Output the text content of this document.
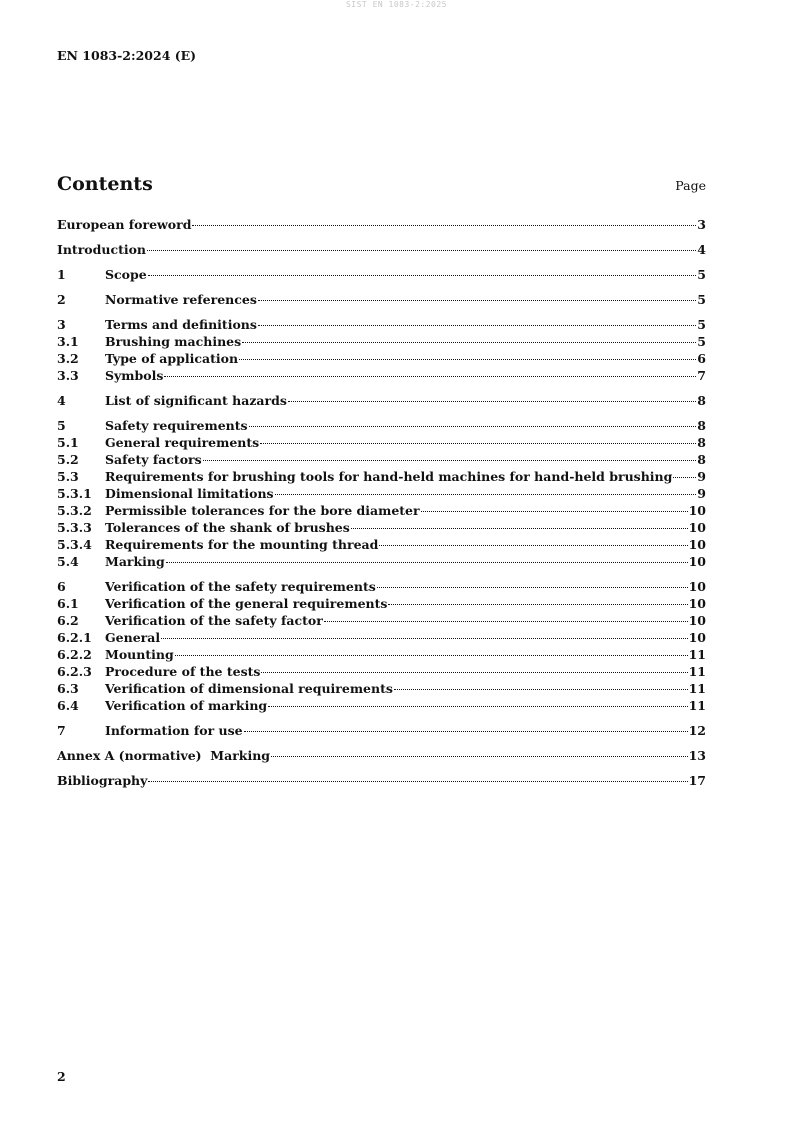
SIST EN 1083-2:2025
EN 1083-2:2024 (E)
Contents	Page
European foreword	3
Introduction	4
1	Scope	5
2	Normative references	5
3	Terms and definitions	5
3.1	Brushing machines	5
3.2	Type of application	6
3.3	Symbols	7
4	List of significant hazards	8
5	Safety requirements	8
5.1	General requirements	8
5.2	Safety factors	8
5.3	Requirements for brushing tools for hand-held machines for hand-held brushing 9
5.3.1	Dimensional limitations	9
5.3.2	Permissible tolerances for the bore diameter	10
5.3.3	Tolerances of the shank of brushes	10
5.3.4	Requirements for the mounting thread	10
5.4	Marking	10
6	Verification of the safety requirements	10
6.1	Verification of the general requirements	10
6.2	Verification of the safety factor	10
6.2.1	General	10
6.2.2	Mounting	11
6.2.3	Procedure of the tests	11
6.3	Verification of dimensional requirements	11
6.4	Verification of marking	11
7	Information for use	12
Annex A (normative)  Marking	13
Bibliography	17
2
